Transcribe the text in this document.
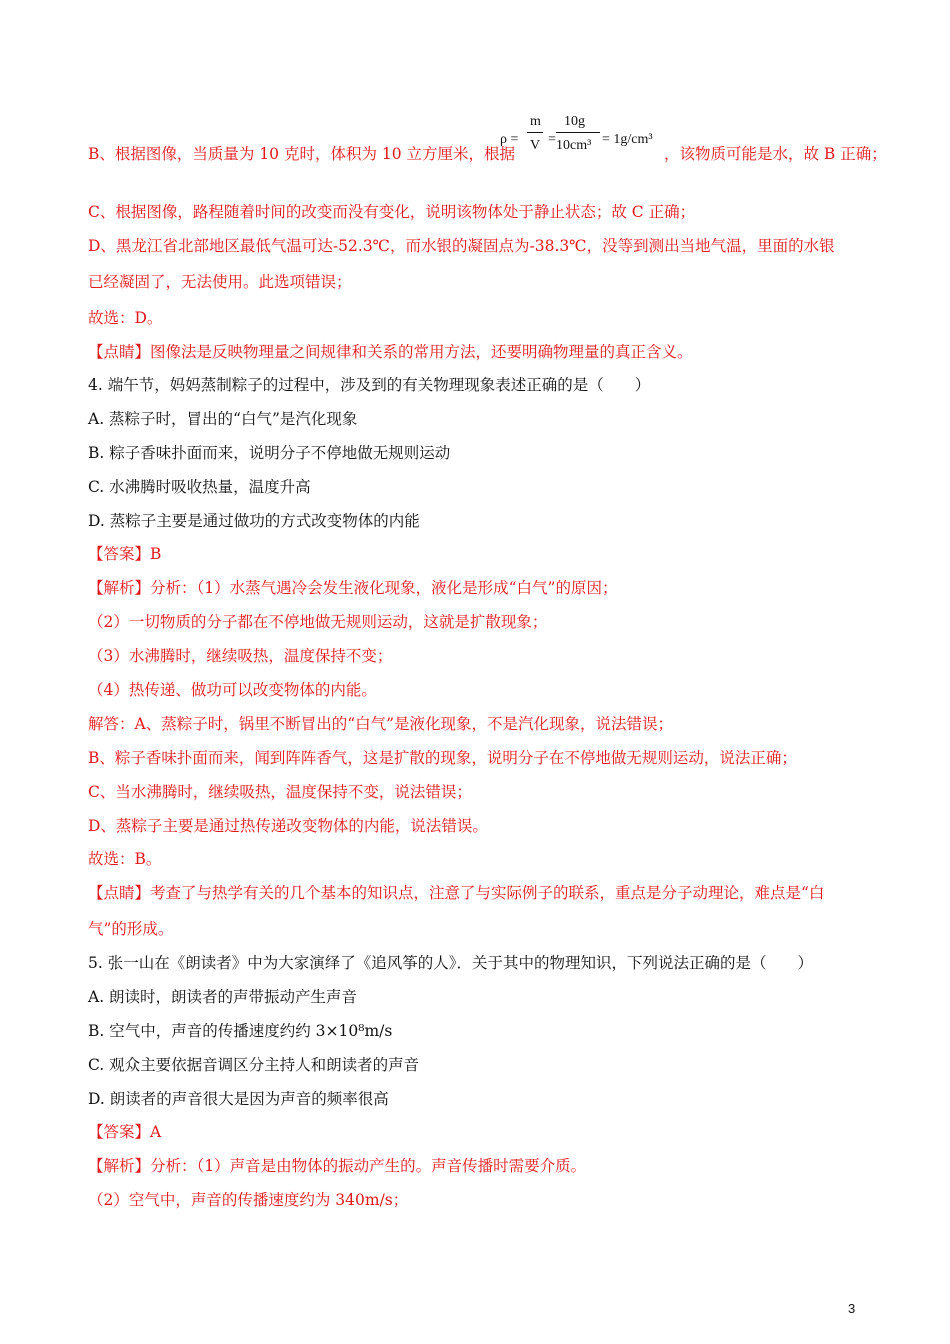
B、根据图像，当质量为 10 克时，体积为 10 立方厘米，根据
ρ =
m
V =
10g
10cm³ = 1g/cm³
，该物质可能是水，故 B 正确；
C、根据图像，路程随着时间的改变而没有变化，说明该物体处于静止状态；故 C 正确；
D、黑龙江省北部地区最低气温可达-52.3℃，而水银的凝固点为-38.3℃，没等到测出当地气温，里面的水银
已经凝固了，无法使用。此选项错误；
故选：D。
【点睛】图像法是反映物理量之间规律和关系的常用方法，还要明确物理量的真正含义。
4. 端午节，妈妈蒸制粽子的过程中，涉及到的有关物理现象表述正确的是（　　）
A. 蒸粽子时，冒出的“白气”是汽化现象
B. 粽子香味扑面而来，说明分子不停地做无规则运动
C. 水沸腾时吸收热量，温度升高
D. 蒸粽子主要是通过做功的方式改变物体的内能
【答案】B
【解析】分析：（1）水蒸气遇冷会发生液化现象，液化是形成“白气”的原因；
（2）一切物质的分子都在不停地做无规则运动，这就是扩散现象；
（3）水沸腾时，继续吸热，温度保持不变；
（4）热传递、做功可以改变物体的内能。
解答：A、蒸粽子时，锅里不断冒出的“白气”是液化现象，不是汽化现象，说法错误；
B、粽子香味扑面而来，闻到阵阵香气，这是扩散的现象，说明分子在不停地做无规则运动，说法正确；
C、当水沸腾时，继续吸热，温度保持不变，说法错误；
D、蒸粽子主要是通过热传递改变物体的内能，说法错误。
故选：B。
【点睛】考查了与热学有关的几个基本的知识点，注意了与实际例子的联系，重点是分子动理论，难点是“白
气”的形成。
5. 张一山在《朗读者》中为大家演绎了《追风筝的人》．关于其中的物理知识，下列说法正确的是（　　）
A. 朗读时，朗读者的声带振动产生声音
B. 空气中，声音的传播速度约约 3×10⁸m/s
C. 观众主要依据音调区分主持人和朗读者的声音
D. 朗读者的声音很大是因为声音的频率很高
【答案】A
【解析】分析：（1）声音是由物体的振动产生的。声音传播时需要介质。
（2）空气中，声音的传播速度约为 340m/s；
3
